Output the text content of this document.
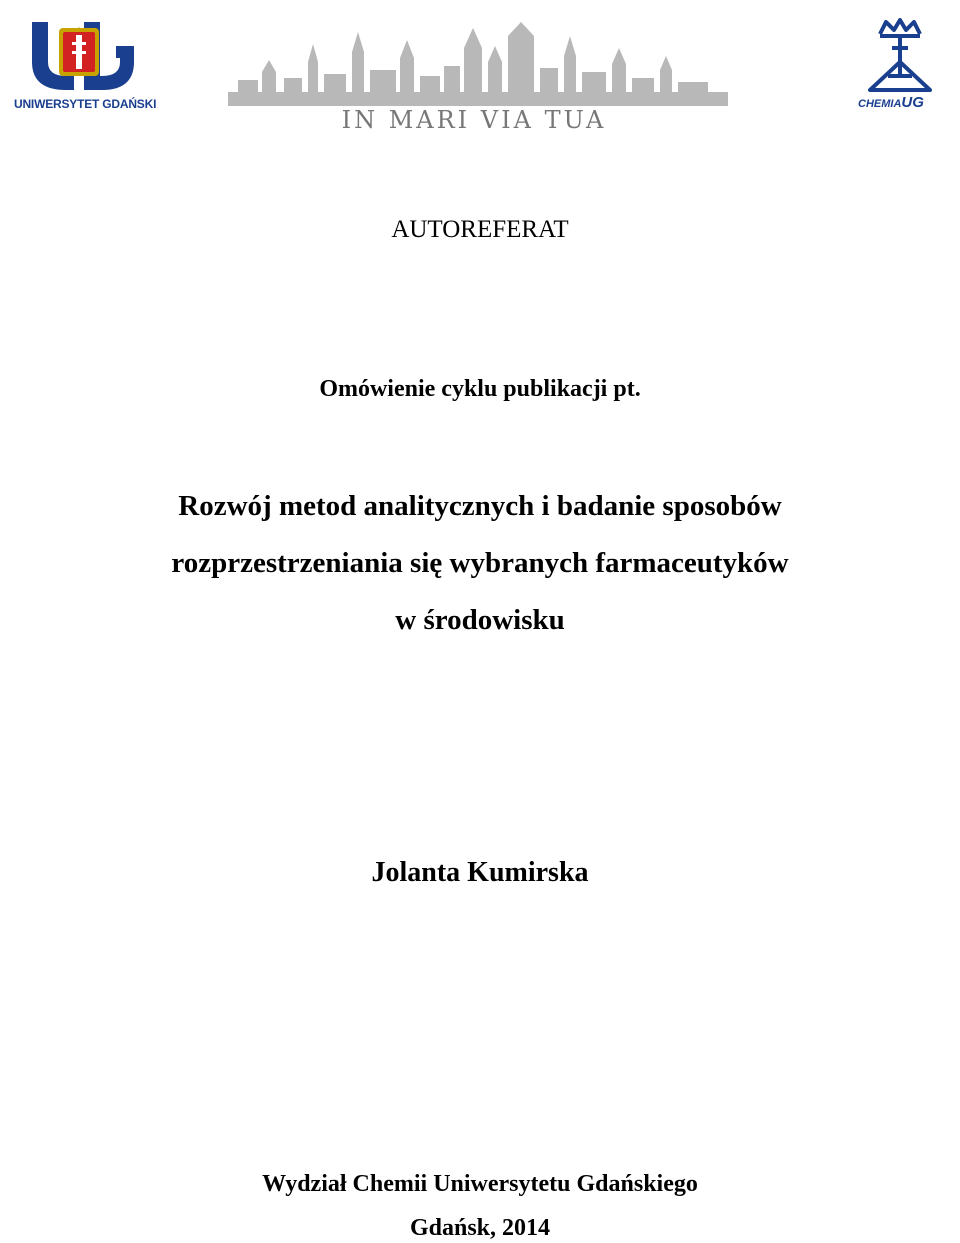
UNIWERSYTET GDAŃSKI
IN MARI VIA TUA
CHEMIAUG
AUTOREFERAT
Omówienie cyklu publikacji pt.
Rozwój metod analitycznych i badanie sposobów
rozprzestrzeniania się wybranych farmaceutyków
w środowisku
Jolanta Kumirska
Wydział Chemii Uniwersytetu Gdańskiego
Gdańsk, 2014
